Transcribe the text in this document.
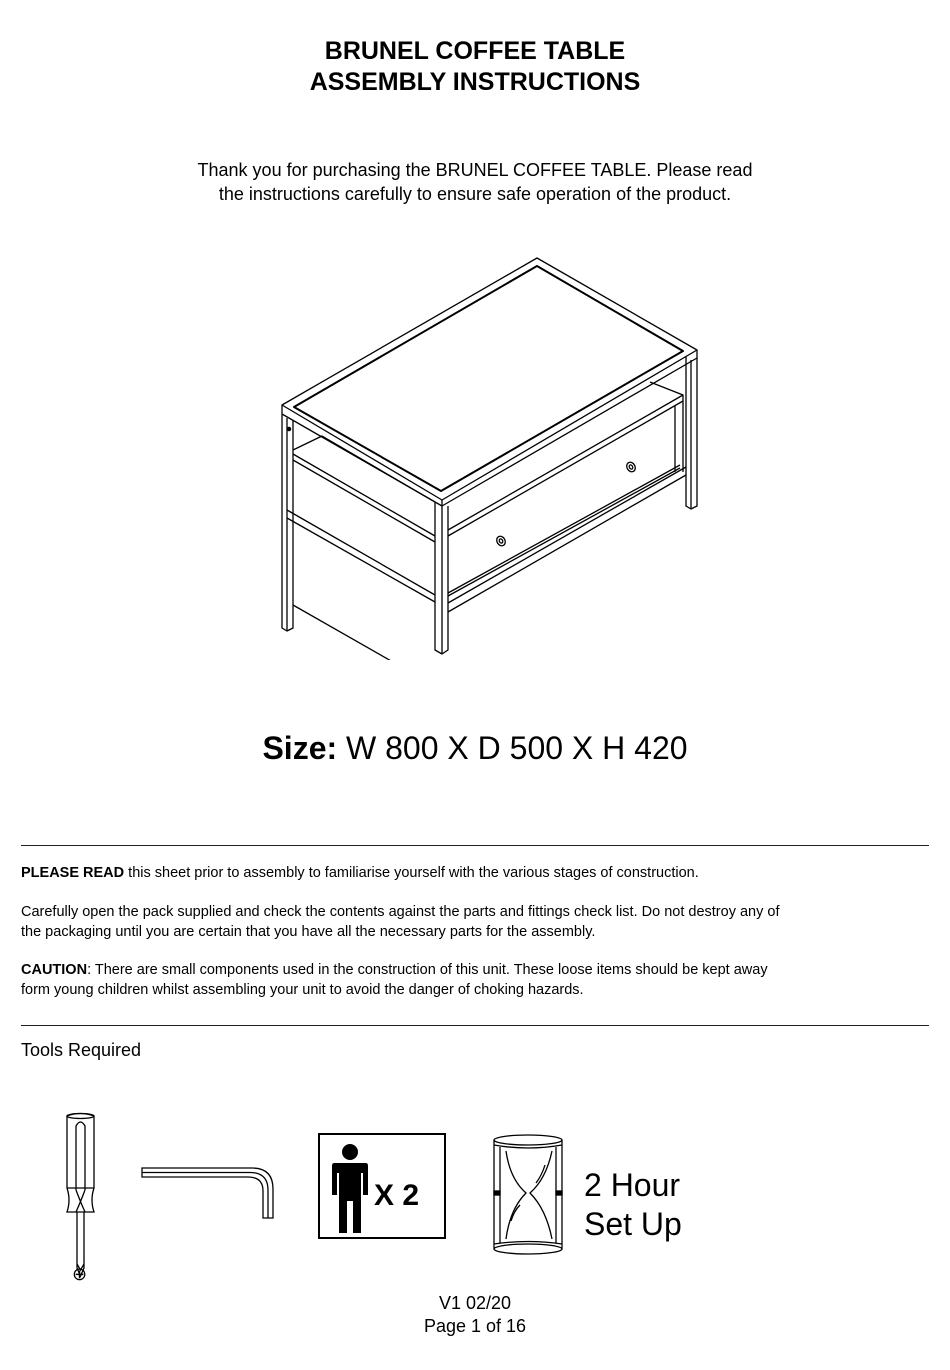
BRUNEL COFFEE TABLE
ASSEMBLY INSTRUCTIONS
Thank you for purchasing the BRUNEL COFFEE TABLE. Please read
the instructions carefully to ensure safe operation of the product.
Size: W 800 X D 500 X H 420
PLEASE READ this sheet prior to assembly to familiarise yourself with the various stages of construction.
Carefully open the pack supplied and check the contents against the parts and fittings check list. Do not destroy any of
the packaging until you are certain that you have all the necessary parts for the assembly.
CAUTION: There are small components used in the construction of this unit. These loose items should be kept away
form young children whilst assembling your unit to avoid the danger of choking hazards.
Tools Required
⊕
X 2	2 Hour
Set Up
V1 02/20
Page 1 of 16
